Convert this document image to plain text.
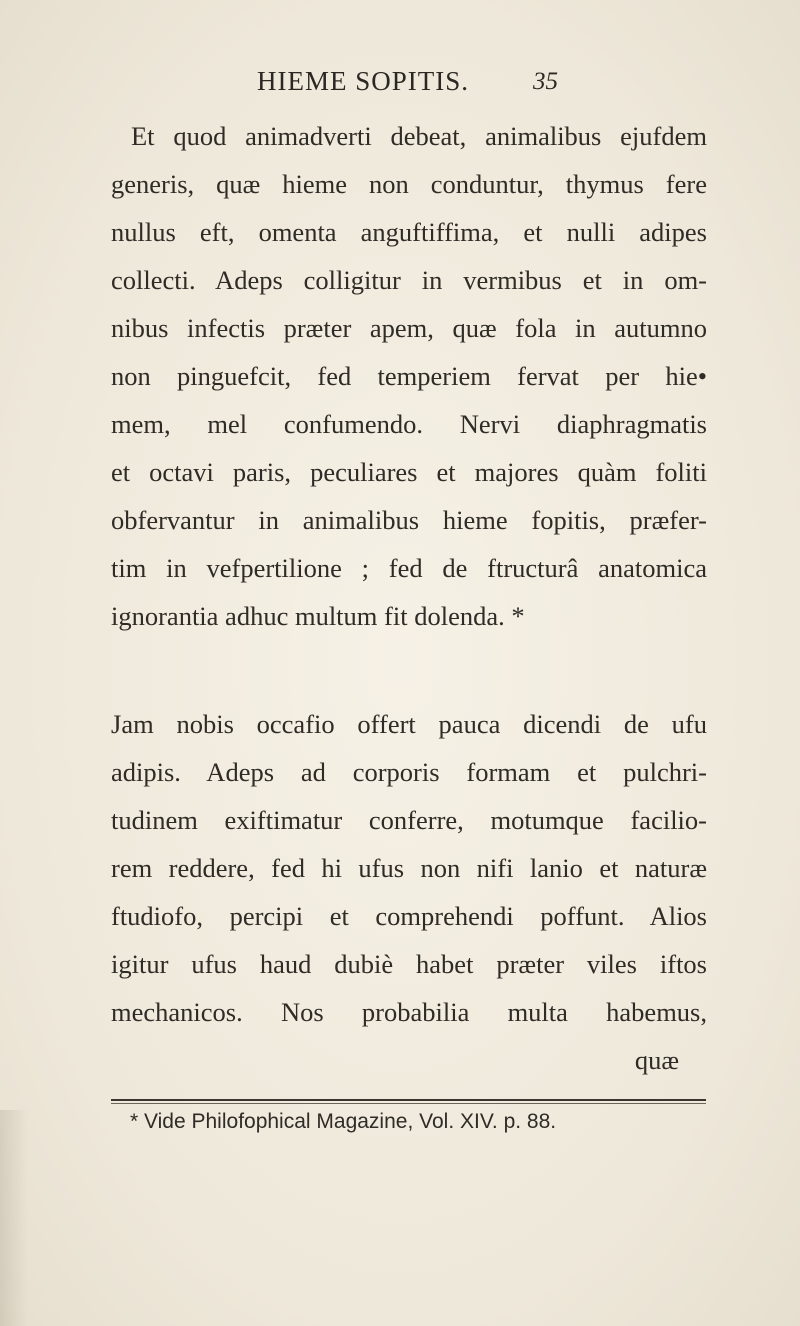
HIEME SOPITIS.	35
Et quod animadverti debeat, animalibus ejufdem
generis, quæ hieme non conduntur, thymus fere
nullus eft, omenta anguftiffima, et nulli adipes
collecti. Adeps colligitur in vermibus et in om-
nibus infectis præter apem, quæ fola in autumno
non pinguefcit, fed temperiem fervat per hie•
mem, mel confumendo. Nervi diaphragmatis
et octavi paris, peculiares et majores quàm foliti
obfervantur in animalibus hieme fopitis, præfer-
tim in vefpertilione ; fed de ftructurâ anatomica
ignorantia adhuc multum fit dolenda. *
Jam nobis occafio offert pauca dicendi de ufu
adipis. Adeps ad corporis formam et pulchri-
tudinem exiftimatur conferre, motumque facilio-
rem reddere, fed hi ufus non nifi lanio et naturæ
ftudiofo, percipi et comprehendi poffunt. Alios
igitur ufus haud dubiè habet præter viles iftos
mechanicos. Nos probabilia multa habemus,
quæ
* Vide Philofophical Magazine, Vol. XIV. p. 88.
